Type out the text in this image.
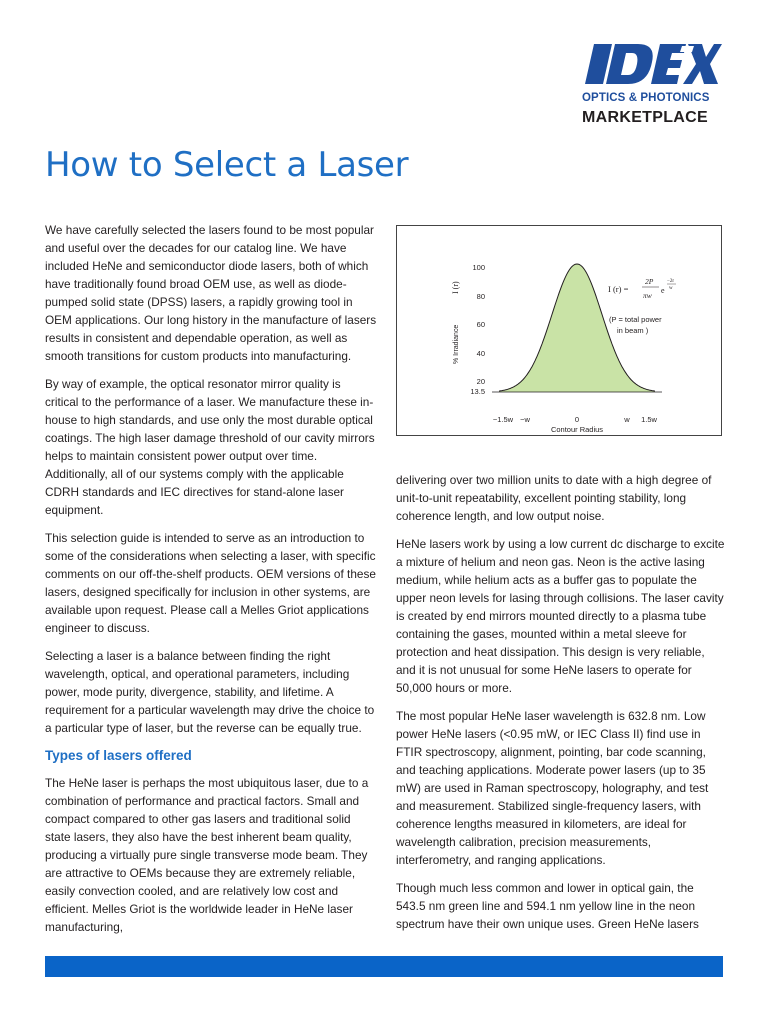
OPTICS & PHOTONICS
MARKETPLACE
How to Select a Laser

We have carefully selected the lasers found to be most popular and useful over the decades for our catalog line. We have included HeNe and semiconductor diode lasers, both of which have traditionally found broad OEM use, as well as diode-pumped solid state (DPSS) lasers, a rapidly growing tool in OEM applications. Our long history in the manufacture of lasers results in consistent and dependable operation, as well as smooth transitions for custom products into manufacturing.

By way of example, the optical resonator mirror quality is critical to the performance of a laser. We manufacture these in-house to high standards, and use only the most durable optical coatings. The high laser damage threshold of our cavity mirrors helps to maintain consistent power output over time. Additionally, all of our systems comply with the applicable CDRH standards and IEC directives for stand-alone laser equipment.

This selection guide is intended to serve as an introduction to some of the considerations when selecting a laser, with specific comments on our off-the-shelf products. OEM versions of these lasers, designed specifically for inclusion in other systems, are available upon request. Please call a Melles Griot applications engineer to discuss.

Selecting a laser is a balance between finding the right wavelength, optical, and operational parameters, including power, mode purity, divergence, stability, and lifetime. A requirement for a particular wavelength may drive the choice to a particular type of laser, but the reverse can be equally true.

Types of lasers offered

The HeNe laser is perhaps the most ubiquitous laser, due to a combination of performance and practical factors. Small and compact compared to other gas lasers and traditional solid state lasers, they also have the best inherent beam quality, producing a virtually pure single transverse mode beam. They are attractive to OEMs because they are extremely reliable, easily convection cooled, and are relatively low cost and efficient. Melles Griot is the worldwide leader in HeNe laser manufacturing,

100
80
60
40
20
13.5
−1.5w −w	0	w 1.5w
Contour Radius
% Irradiance
I (r)	I (r) =
2P
πw
e
−2r
w
(P = total power
in beam )

delivering over two million units to date with a high degree of unit-to-unit repeatability, excellent pointing stability, long coherence length, and low output noise.

HeNe lasers work by using a low current dc discharge to excite a mixture of helium and neon gas. Neon is the active lasing medium, while helium acts as a buffer gas to populate the upper neon levels for lasing through collisions. The laser cavity is created by end mirrors mounted directly to a plasma tube containing the gases, mounted within a metal sleeve for protection and heat dissipation. This design is very reliable, and it is not unusual for some HeNe lasers to operate for 50,000 hours or more.

The most popular HeNe laser wavelength is 632.8 nm. Low power HeNe lasers (<0.95 mW, or IEC Class II) find use in FTIR spectroscopy, alignment, pointing, bar code scanning, and teaching applications. Moderate power lasers (up to 35 mW) are used in Raman spectroscopy, holography, and test and measurement. Stabilized single-frequency lasers, with coherence lengths measured in kilometers, are ideal for wavelength calibration, precision measurements, interferometry, and ranging applications.

Though much less common and lower in optical gain, the 543.5 nm green line and 594.1 nm yellow line in the neon spectrum have their own unique uses. Green HeNe lasers
